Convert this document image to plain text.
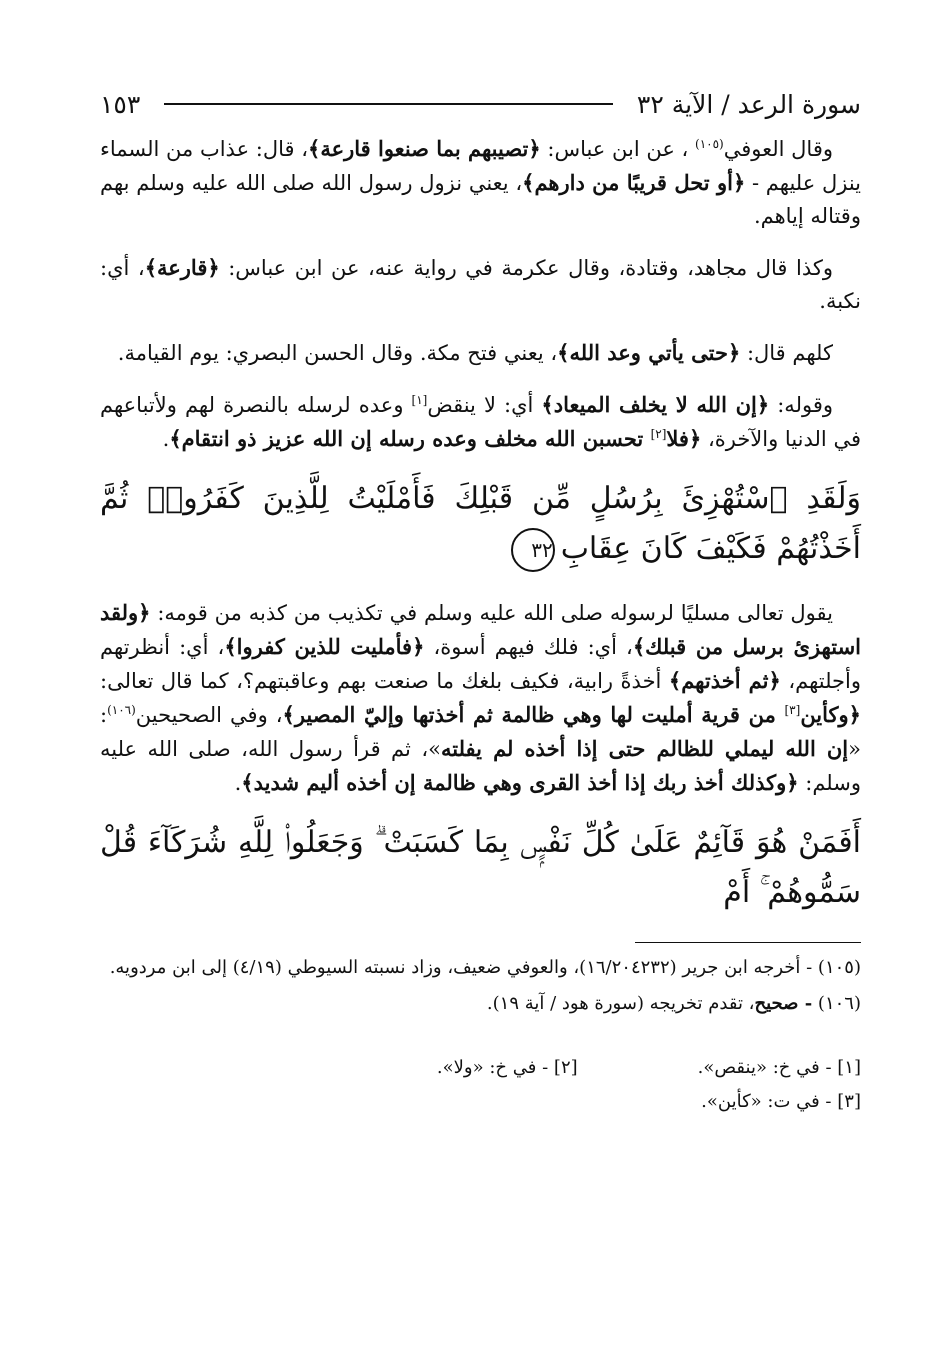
سورة الرعد / الآية ٣٢
١٥٣

وقال العوفي$^{(١٠٥)}$ ، عن ابن عباس: ﴿تصيبهم بما صنعوا قارعة﴾، قال: عذاب من السماء ينزل عليهم - ﴿أو تحل قريبًا من دارهم﴾، يعني نزول رسول الله صلى الله عليه وسلم بهم وقتاله إياهم.

وكذا قال مجاهد، وقتادة، وقال عكرمة في رواية عنه، عن ابن عباس: ﴿قارعة﴾، أي: نكبة.

كلهم قال: ﴿حتى يأتي وعد الله﴾، يعني فتح مكة. وقال الحسن البصري: يوم القيامة.

وقوله: ﴿إن الله لا يخلف الميعاد﴾ أي: لا ينقض[١] وعده لرسله بالنصرة لهم ولأتباعهم في الدنيا والآخرة، ﴿فلا[٢] تحسبن الله مخلف وعده رسله إن الله عزيز ذو انتقام﴾.

وَلَقَدِ ٱسْتُهْزِئَ بِرُسُلٍ مِّن قَبْلِكَ فَأَمْلَيْتُ لِلَّذِينَ كَفَرُوا۟ ثُمَّ أَخَذْتُهُمْ فَكَيْفَ كَانَ عِقَابِ٣٢

يقول تعالى مسليًا لرسوله صلى الله عليه وسلم في تكذيب من كذبه من قومه: ﴿ولقد استهزئ برسل من قبلك﴾، أي: فلك فيهم أسوة، ﴿فأمليت للذين كفروا﴾، أي: أنظرتهم وأجلتهم، ﴿ثم أخذتهم﴾ أخذةً رابية، فكيف بلغك ما صنعت بهم وعاقبتهم؟، كما قال تعالى: ﴿وكأين[٣] من قرية أمليت لها وهي ظالمة ثم أخذتها وإليّ المصير﴾، وفي الصحيحين$^{(١٠٦)}$: «إن الله ليملي للظالم حتى إذا أخذه لم يفلته»، ثم قرأ رسول الله، صلى الله عليه وسلم: ﴿وكذلك أخذ ربك إذا أخذ القرى وهي ظالمة إن أخذه أليم شديد﴾.

أَفَمَنْ هُوَ قَآئِمٌ عَلَىٰ كُلِّ نَفْسٍۭ بِمَا كَسَبَتْ ۗ وَجَعَلُوا۟ لِلَّهِ شُرَكَآءَ قُلْ سَمُّوهُمْ ۚ أَمْ

(١٠٥) - أخرجه ابن جرير (١٦/٢٠٤٢٣٢)، والعوفي ضعيف، وزاد نسبته السيوطي (٤/١٩) إلى ابن مردويه.

(١٠٦) - صحيح، تقدم تخريجه (سورة هود / آية ١٩).

[١] - في خ: «ينقص».

[٣] - في ت: «كأين».

[٢] - في خ: «ولا».
